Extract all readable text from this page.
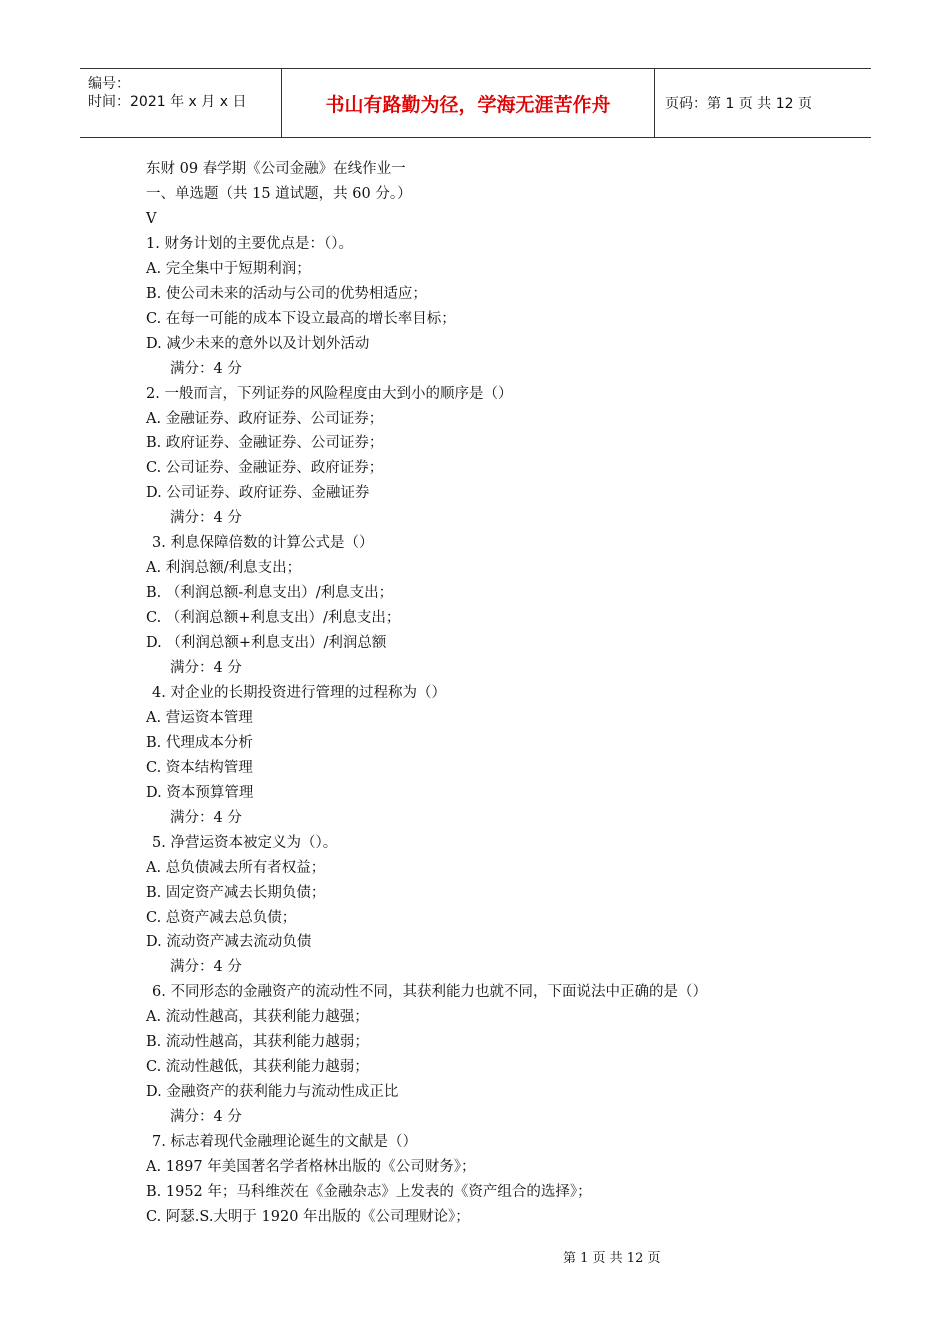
编号：
时间：2021 年 x 月 x 日	书山有路勤为径，学海无涯苦作舟	页码：第 1 页 共 12 页
东财 09 春学期《公司金融》在线作业一
一、单选题（共 15 道试题，共 60 分。）
V
1. 财务计划的主要优点是：（）。
A. 完全集中于短期利润；
B. 使公司未来的活动与公司的优势相适应；
C. 在每一可能的成本下设立最高的增长率目标；
D. 减少未来的意外以及计划外活动
满分：4 分
2. 一般而言，下列证券的风险程度由大到小的顺序是（）
A. 金融证券、政府证券、公司证券；
B. 政府证券、金融证券、公司证券；
C. 公司证券、金融证券、政府证券；
D. 公司证券、政府证券、金融证券
满分：4 分
3. 利息保障倍数的计算公式是（）
A. 利润总额/利息支出；
B. （利润总额-利息支出）/利息支出；
C. （利润总额+利息支出）/利息支出；
D. （利润总额+利息支出）/利润总额
满分：4 分
4. 对企业的长期投资进行管理的过程称为（）
A. 营运资本管理
B. 代理成本分析
C. 资本结构管理
D. 资本预算管理
满分：4 分
5. 净营运资本被定义为（）。
A. 总负债减去所有者权益；
B. 固定资产减去长期负债；
C. 总资产减去总负债；
D. 流动资产减去流动负债
满分：4 分
6. 不同形态的金融资产的流动性不同，其获利能力也就不同，下面说法中正确的是（）
A. 流动性越高，其获利能力越强；
B. 流动性越高，其获利能力越弱；
C. 流动性越低，其获利能力越弱；
D. 金融资产的获利能力与流动性成正比
满分：4 分
7. 标志着现代金融理论诞生的文献是（）
A. 1897 年美国著名学者格林出版的《公司财务》；
B. 1952 年；马科维茨在《金融杂志》上发表的《资产组合的选择》；
C. 阿瑟.S.大明于 1920 年出版的《公司理财论》；
第 1 页 共 12 页
